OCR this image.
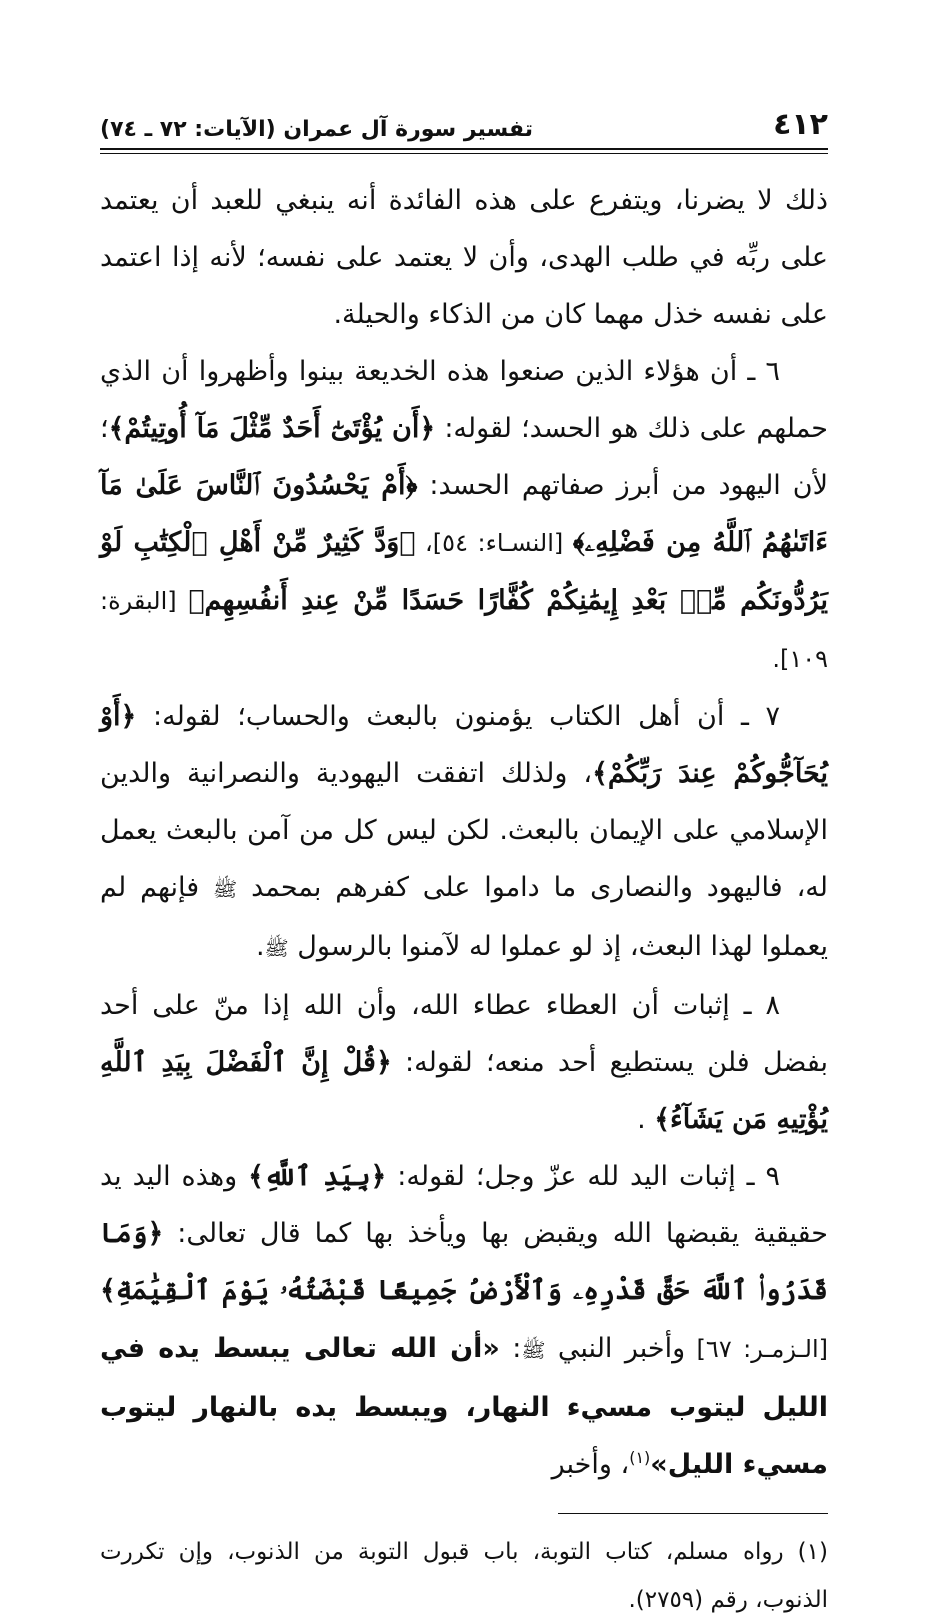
٤١٢
تفسير سورة آل عمران (الآيات: ٧٢ ـ ٧٤)

ذلك لا يضرنا، ويتفرع على هذه الفائدة أنه ينبغي للعبد أن يعتمد على ربِّه في طلب الهدى، وأن لا يعتمد على نفسه؛ لأنه إذا اعتمد على نفسه خذل مهما كان من الذكاء والحيلة.

٦ ـ أن هؤلاء الذين صنعوا هذه الخديعة بينوا وأظهروا أن الذي حملهم على ذلك هو الحسد؛ لقوله: ﴿أَن يُؤْتَىٰٓ أَحَدٌ مِّثْلَ مَآ أُوتِيتُمْ﴾؛ لأن اليهود من أبرز صفاتهم الحسد: ﴿أَمْ يَحْسُدُونَ ٱلنَّاسَ عَلَىٰ مَآ ءَاتَىٰهُمُ ٱللَّهُ مِن فَضْلِهِۦ﴾ [النسـاء: ٥٤]، ﴿وَدَّ كَثِيرٌ مِّنْ أَهْلِ ٱلْكِتَٰبِ لَوْ يَرُدُّونَكُم مِّنۢ بَعْدِ إِيمَٰنِكُمْ كُفَّارًا حَسَدًا مِّنْ عِندِ أَنفُسِهِم﴾ [البقرة: ١٠٩].

٧ ـ أن أهل الكتاب يؤمنون بالبعث والحساب؛ لقوله: ﴿أَوْ يُحَآجُّوكُمْ عِندَ رَبِّكُمْ﴾، ولذلك اتفقت اليهودية والنصرانية والدين الإسلامي على الإيمان بالبعث. لكن ليس كل من آمن بالبعث يعمل له، فاليهود والنصارى ما داموا على كفرهم بمحمد ﷺ فإنهم لم يعملوا لهذا البعث، إذ لو عملوا له لآمنوا بالرسول ﷺ.

٨ ـ إثبات أن العطاء عطاء الله، وأن الله إذا منّ على أحد بفضل فلن يستطيع أحد منعه؛ لقوله: ﴿قُلْ إِنَّ ٱلْفَضْلَ بِيَدِ ٱللَّهِ يُؤْتِيهِ مَن يَشَآءُ﴾ .

٩ ـ إثبات اليد لله عزّ وجل؛ لقوله: ﴿بِيَدِ ٱللَّهِ﴾ وهذه اليد يد حقيقية يقبضها الله ويقبض بها ويأخذ بها كما قال تعالى: ﴿وَمَا قَدَرُوا۟ ٱللَّهَ حَقَّ قَدْرِهِۦ وَٱلْأَرْضُ جَمِيعًا قَبْضَتُهُۥ يَوْمَ ٱلْقِيَٰمَةِ﴾ [الـزمـر: ٦٧] وأخبر النبي ﷺ: «أن الله تعالى يبسط يده في الليل ليتوب مسيء النهار، ويبسط يده بالنهار ليتوب مسيء الليل»$^{(١)}$، وأخبر

(١) رواه مسلم، كتاب التوبة، باب قبول التوبة من الذنوب، وإن تكررت الذنوب، رقم (٢٧٥٩).
